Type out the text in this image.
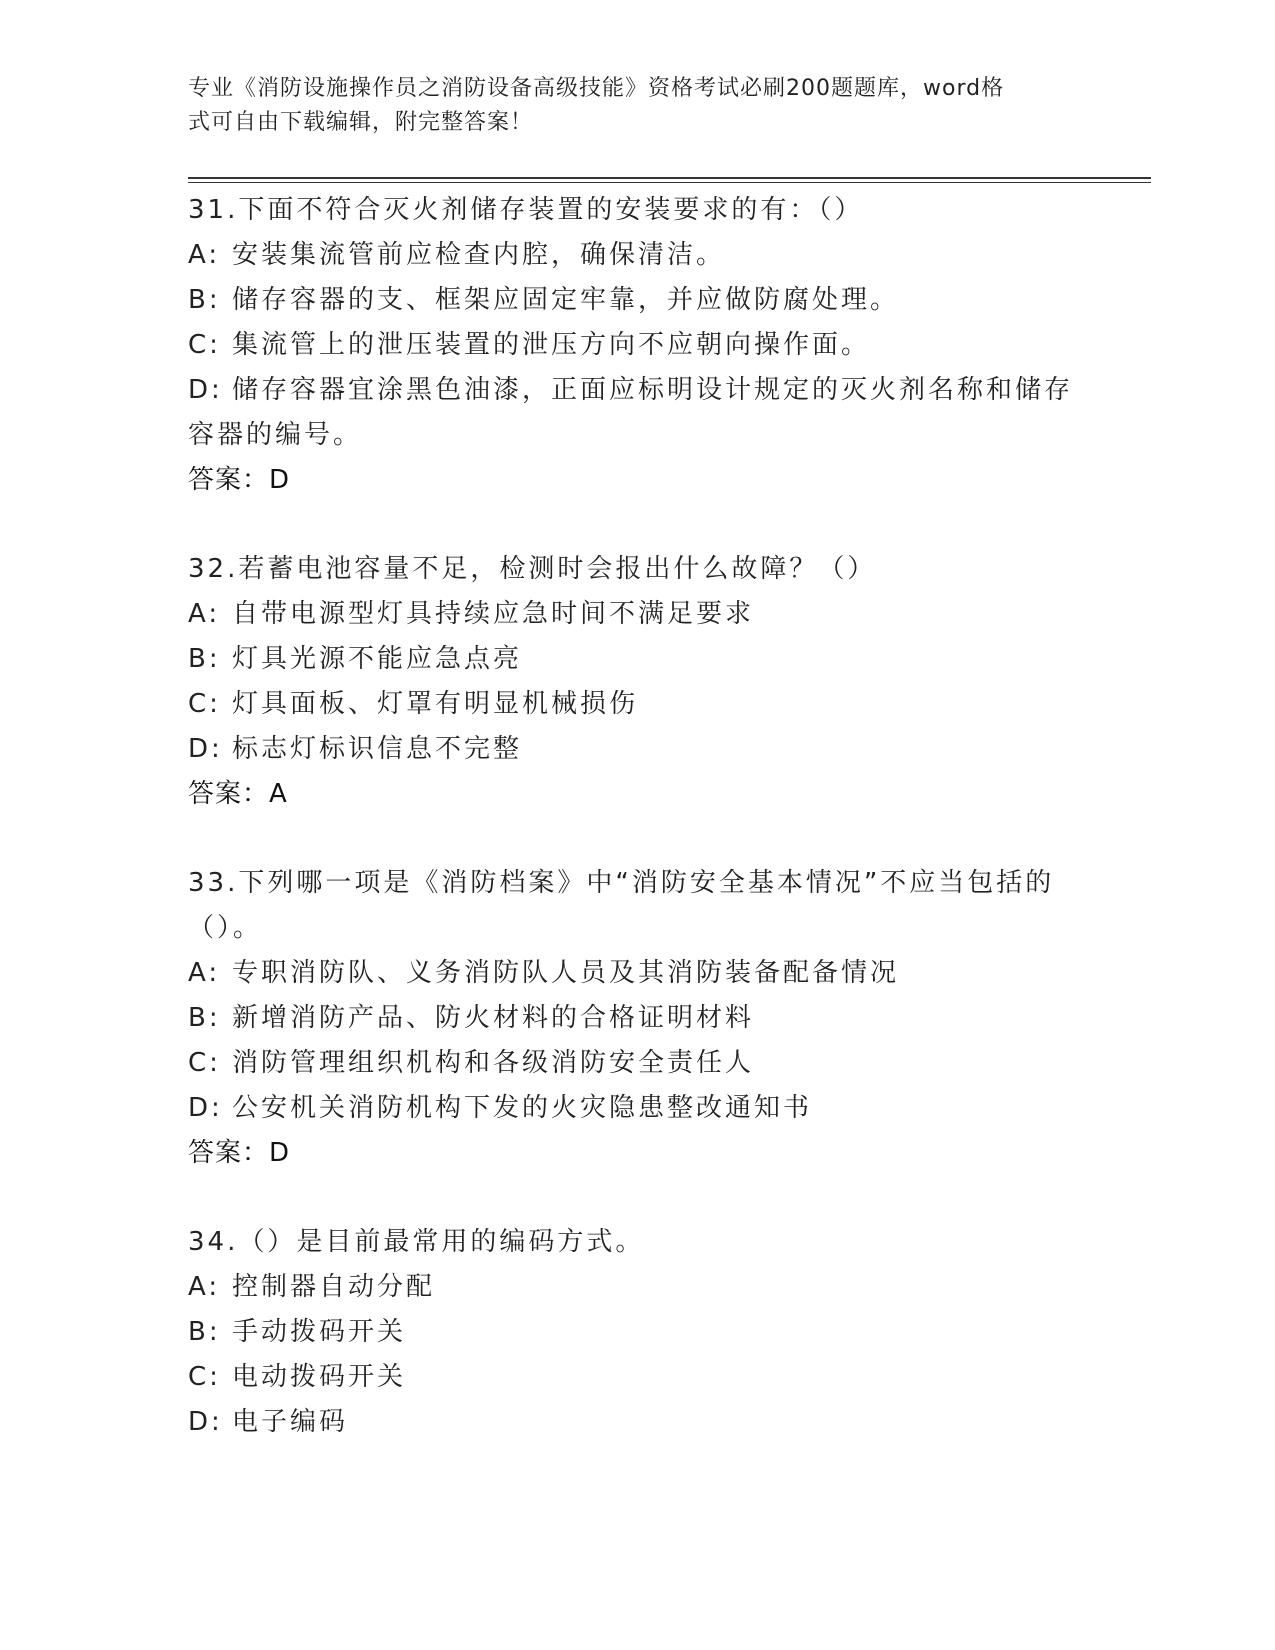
专业《消防设施操作员之消防设备高级技能》资格考试必刷200题题库，word格
式可自由下载编辑，附完整答案！
31.下面不符合灭火剂储存装置的安装要求的有：（）
A: 安装集流管前应检查内腔，确保清洁。
B: 储存容器的支、框架应固定牢靠，并应做防腐处理。
C: 集流管上的泄压装置的泄压方向不应朝向操作面。
D: 储存容器宜涂黑色油漆，正面应标明设计规定的灭火剂名称和储存容器的编号。
答案：D
32.若蓄电池容量不足，检测时会报出什么故障？（）
A: 自带电源型灯具持续应急时间不满足要求
B: 灯具光源不能应急点亮
C: 灯具面板、灯罩有明显机械损伤
D: 标志灯标识信息不完整
答案：A
33.下列哪一项是《消防档案》中“消防安全基本情况”不应当包括的（）。
A: 专职消防队、义务消防队人员及其消防装备配备情况
B: 新增消防产品、防火材料的合格证明材料
C: 消防管理组织机构和各级消防安全责任人
D: 公安机关消防机构下发的火灾隐患整改通知书
答案：D
34.（）是目前最常用的编码方式。
A: 控制器自动分配
B: 手动拨码开关
C: 电动拨码开关
D: 电子编码
